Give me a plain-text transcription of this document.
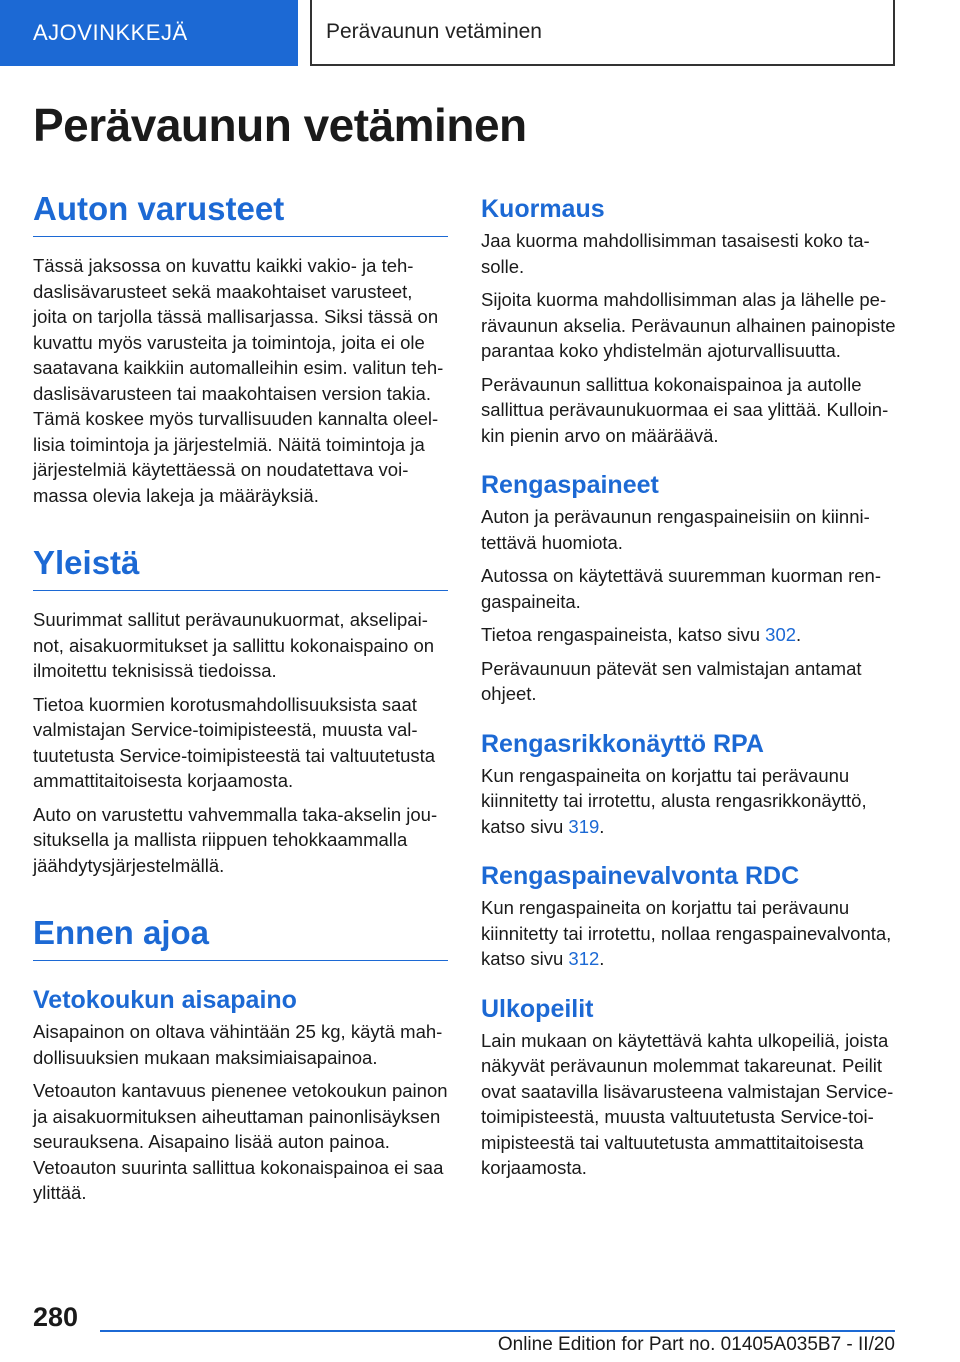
AJOVINKKEJÄ	Perävaunun vetäminen
Perävaunun vetäminen
Auton varusteet

Tässä jaksossa on kuvattu kaikki vakio- ja tehdaslisävarusteet sekä maakohtaiset varusteet, joita on tarjolla tässä mallisarjassa. Siksi tässä on kuvattu myös varusteita ja toimintoja, joita ei ole saatavana kaikkiin automalleihin esim. valitun tehdaslisävarusteen tai maakohtaisen version takia. Tämä koskee myös turvallisuuden kannalta oleellisia toimintoja ja järjestelmiä. Näitä toimintoja ja järjestelmiä käytettäessä on noudatettava voimassa olevia lakeja ja määräyksiä.

Yleistä

Suurimmat sallitut perävaunukuormat, akselipainot, aisakuormitukset ja sallittu kokonaispaino on ilmoitettu teknisissä tiedoissa.

Tietoa kuormien korotusmahdollisuuksista saat valmistajan Service-toimipisteestä, muusta valtuutetusta Service-toimipisteestä tai valtuutetusta ammattitaitoisesta korjaamosta.

Auto on varustettu vahvemmalla taka-akselin jousituksella ja mallista riippuen tehokkaammalla jäähdytysjärjestelmällä.

Ennen ajoa
Vetokoukun aisapaino

Aisapainon on oltava vähintään 25 kg, käytä mahdollisuuksien mukaan maksimiaisapainoa.

Vetoauton kantavuus pienenee vetokoukun painon ja aisakuormituksen aiheuttaman painonlisäyksen seurauksena. Aisapaino lisää auton painoa. Vetoauton suurinta sallittua kokonaispainoa ei saa ylittää.

Kuormaus

Jaa kuorma mahdollisimman tasaisesti koko tasolle.

Sijoita kuorma mahdollisimman alas ja lähelle perävaunun akselia. Perävaunun alhainen painopiste parantaa koko yhdistelmän ajoturvallisuutta.

Perävaunun sallittua kokonaispainoa ja autolle sallittua perävaunukuormaa ei saa ylittää. Kulloinkin pienin arvo on määräävä.

Rengaspaineet

Auton ja perävaunun rengaspaineisiin on kiinnitettävä huomiota.

Autossa on käytettävä suuremman kuorman rengaspaineita.

Tietoa rengaspaineista, katso sivu 302.

Perävaunuun pätevät sen valmistajan antamat ohjeet.

Rengasrikkonäyttö RPA

Kun rengaspaineita on korjattu tai perävaunu kiinnitetty tai irrotettu, alusta rengasrikkonäyttö, katso sivu 319.

Rengaspainevalvonta RDC

Kun rengaspaineita on korjattu tai perävaunu kiinnitetty tai irrotettu, nollaa rengaspainevalvonta, katso sivu 312.

Ulkopeilit

Lain mukaan on käytettävä kahta ulkopeiliä, joista näkyvät perävaunun molemmat takareunat. Peilit ovat saatavilla lisävarusteena valmistajan Service-toimipisteestä, muusta valtuutetusta Service-toimipisteestä tai valtuutetusta ammattitaitoisesta korjaamosta.

280
Online Edition for Part no. 01405A035B7 - II/20
